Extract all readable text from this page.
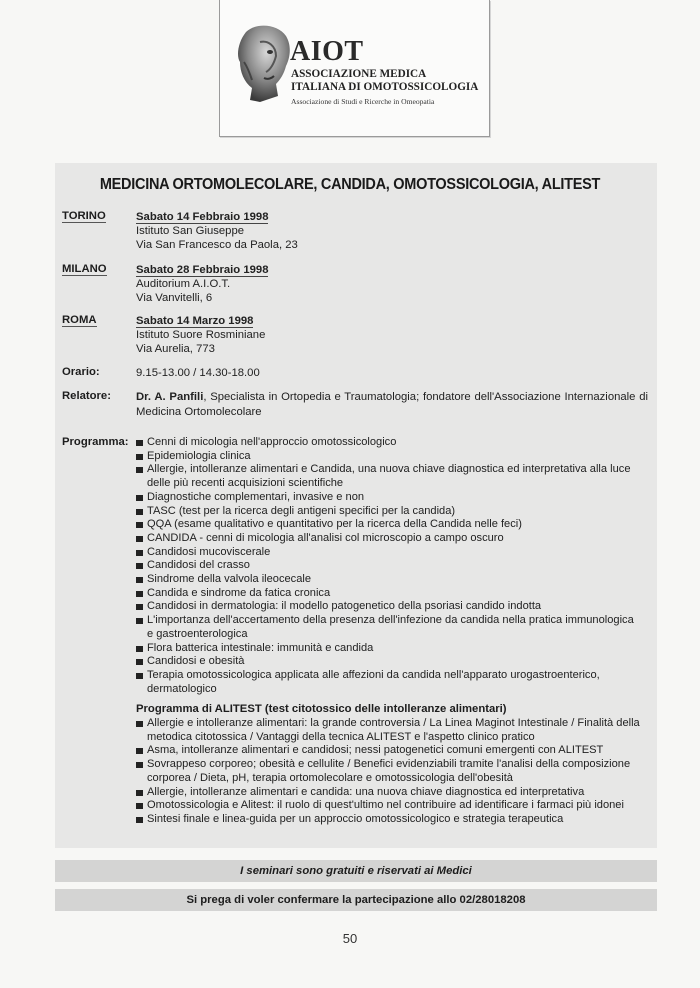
AIOT
ASSOCIAZIONE MEDICA
ITALIANA DI OMOTOSSICOLOGIA
Associazione di Studi e Ricerche in Omeopatia
MEDICINA ORTOMOLECOLARE, CANDIDA, OMOTOSSICOLOGIA, ALITEST
TORINO	Sabato 14 Febbraio 1998
Istituto San Giuseppe
Via San Francesco da Paola, 23
MILANO	Sabato 28 Febbraio 1998
Auditorium A.I.O.T.
Via Vanvitelli, 6
ROMA	Sabato 14 Marzo 1998
Istituto Suore Rosminiane
Via Aurelia, 773
Orario:	9.15-13.00 / 14.30-18.00
Relatore: Dr. A. Panfili, Specialista in Ortopedia e Traumatologia; fondatore dell'Associazione Internazionale di Medicina Ortomolecolare
Programma:	Cenni di micologia nell'approccio omotossicologico
Epidemiologia clinica
Allergie, intolleranze alimentari e Candida, una nuova chiave diagnostica ed interpretativa alla luce delle più recenti acquisizioni scientifiche
Diagnostiche complementari, invasive e non
TASC (test per la ricerca degli antigeni specifici per la candida)
QQA (esame qualitativo e quantitativo per la ricerca della Candida nelle feci)
CANDIDA - cenni di micologia all'analisi col microscopio a campo oscuro
Candidosi mucoviscerale
Candidosi del crasso
Sindrome della valvola ileocecale
Candida e sindrome da fatica cronica
Candidosi in dermatologia: il modello patogenetico della psoriasi candido indotta
L'importanza dell'accertamento della presenza dell'infezione da candida nella pratica immunologica e gastroenterologica
Flora batterica intestinale: immunità e candida
Candidosi e obesità
Terapia omotossicologica applicata alle affezioni da candida nell'apparato urogastroenterico, dermatologico
Programma di ALITEST (test citotossico delle intolleranze alimentari)
Allergie e intolleranze alimentari: la grande controversia / La Linea Maginot Intestinale / Finalità della metodica citotossica / Vantaggi della tecnica ALITEST e l'aspetto clinico pratico
Asma, intolleranze alimentari e candidosi; nessi patogenetici comuni emergenti con ALITEST
Sovrappeso corporeo; obesità e cellulite / Benefici evidenziabili tramite l'analisi della composizione corporea / Dieta, pH, terapia ortomolecolare e omotossicologia dell'obesità
Allergie, intolleranze alimentari e candida: una nuova chiave diagnostica ed interpretativa
Omotossicologia e Alitest: il ruolo di quest'ultimo nel contribuire ad identificare i farmaci più idonei
Sintesi finale e linea-guida per un approccio omotossicologico e strategia terapeutica
I seminari sono gratuiti e riservati ai Medici
Si prega di voler confermare la partecipazione allo 02/28018208
50
